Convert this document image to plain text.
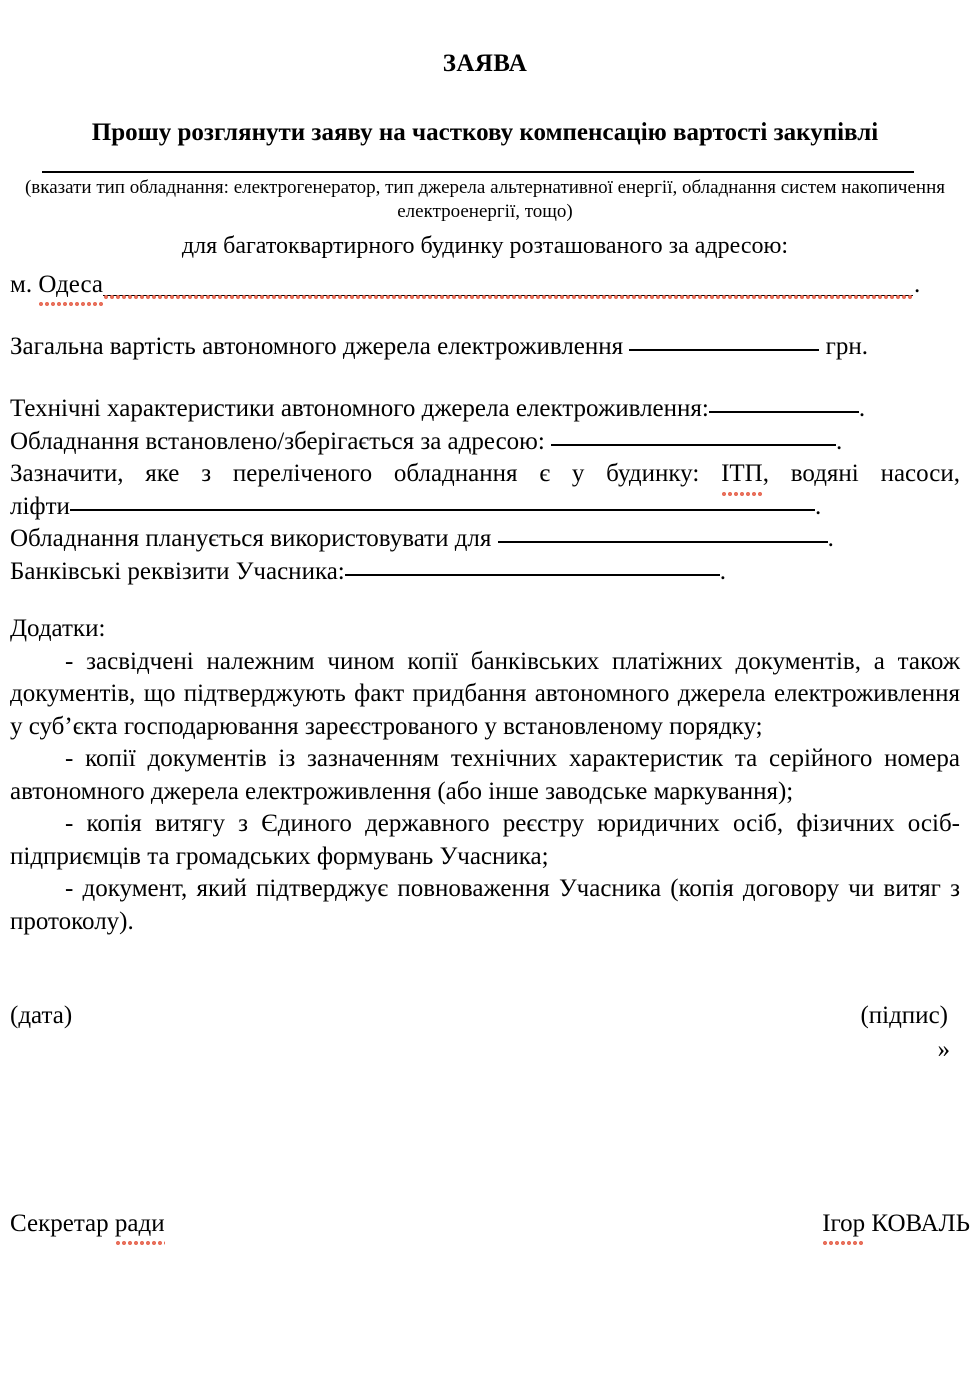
ЗАЯВА
Прошу розглянути заяву на часткову компенсацію вартості закупівлі

(вказати тип обладнання: електрогенератор, тип джерела альтернативної енергії, обладнання систем накопичення електроенергії, тощо)

для багатоквартирного будинку розташованого за адресою:

м. Одеса	.

Загальна вартість автономного джерела електроживлення	грн.

Технічні характеристики автономного джерела електроживлення:	.

Обладнання встановлено/зберігається за адресою:	.

Зазначити, яке з переліченого обладнання є у будинку: ІТП, водяні насоси,

ліфти	.

Обладнання планується використовувати для	.

Банківські реквізити Учасника:	.

Додатки:

- засвідчені належним чином копії банківських платіжних документів, а також документів, що підтверджують факт придбання автономного джерела електроживлення у суб’єкта господарювання зареєстрованого у встановленому порядку;

- копії документів із зазначенням технічних характеристик та серійного номера автономного джерела електроживлення (або інше заводське маркування);

- копія витягу з Єдиного державного реєстру юридичних осіб, фізичних осіб-підприємців та громадських формувань Учасника;

- документ, який підтверджує повноваження Учасника (копія договору чи витяг з протоколу).

(дата)	(підпис)
»
Секретар ради	Ігор КОВАЛЬ
